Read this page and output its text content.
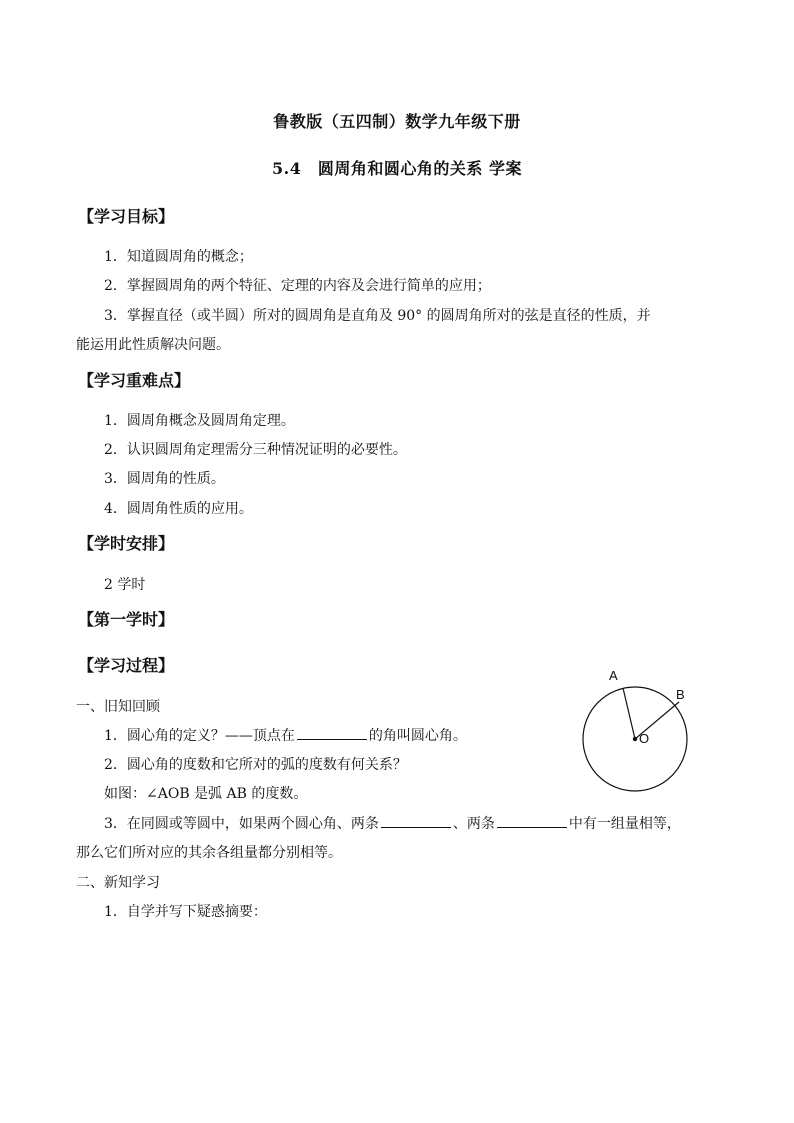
鲁教版（五四制）数学九年级下册
5.4　圆周角和圆心角的关系 学案
【学习目标】
1．知道圆周角的概念；
2．掌握圆周角的两个特征、定理的内容及会进行简单的应用；
3．掌握直径（或半圆）所对的圆周角是直角及 90° 的圆周角所对的弦是直径的性质，并
能运用此性质解决问题。
【学习重难点】
1．圆周角概念及圆周角定理。
2．认识圆周角定理需分三种情况证明的必要性。
3．圆周角的性质。
4．圆周角性质的应用。
【学时安排】
2 学时
【第一学时】
【学习过程】
一、旧知回顾
1．圆心角的定义？——顶点在	的角叫圆心角。
2．圆心角的度数和它所对的弧的度数有何关系？
如图：∠AOB 是弧 AB 的度数。
3．在同圆或等圆中，如果两个圆心角、两条	、两条	中有一组量相等，
那么它们所对应的其余各组量都分别相等。
二、新知学习
1．自学并写下疑惑摘要：
A
B
O
